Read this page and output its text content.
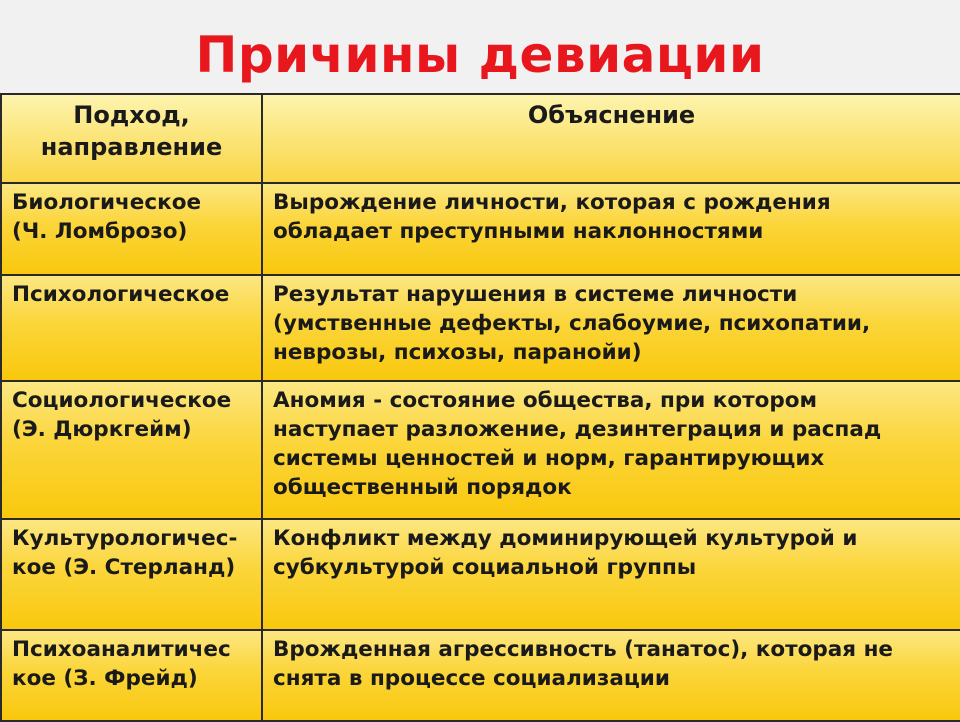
Причины девиации
Подход,
направление	Объяснение

Биологическое
(Ч. Ломброзо)	Вырождение личности, которая с рождения
обладает преступными наклонностями

Психологическое	Результат нарушения в системе личности
(умственные дефекты, слабоумие, психопатии,
неврозы, психозы, паранойи)

Социологическое
(Э. Дюркгейм)	Аномия - состояние общества, при котором
наступает разложение, дезинтеграция и распад
системы ценностей и норм, гарантирующих
общественный порядок

Культурологичес-
кое (Э. Стерланд)	Конфликт между доминирующей культурой и
субкультурой социальной группы

Психоаналитичес
кое (З. Фрейд)	Врожденная агрессивность (танатос), которая не
снята в процессе социализации
